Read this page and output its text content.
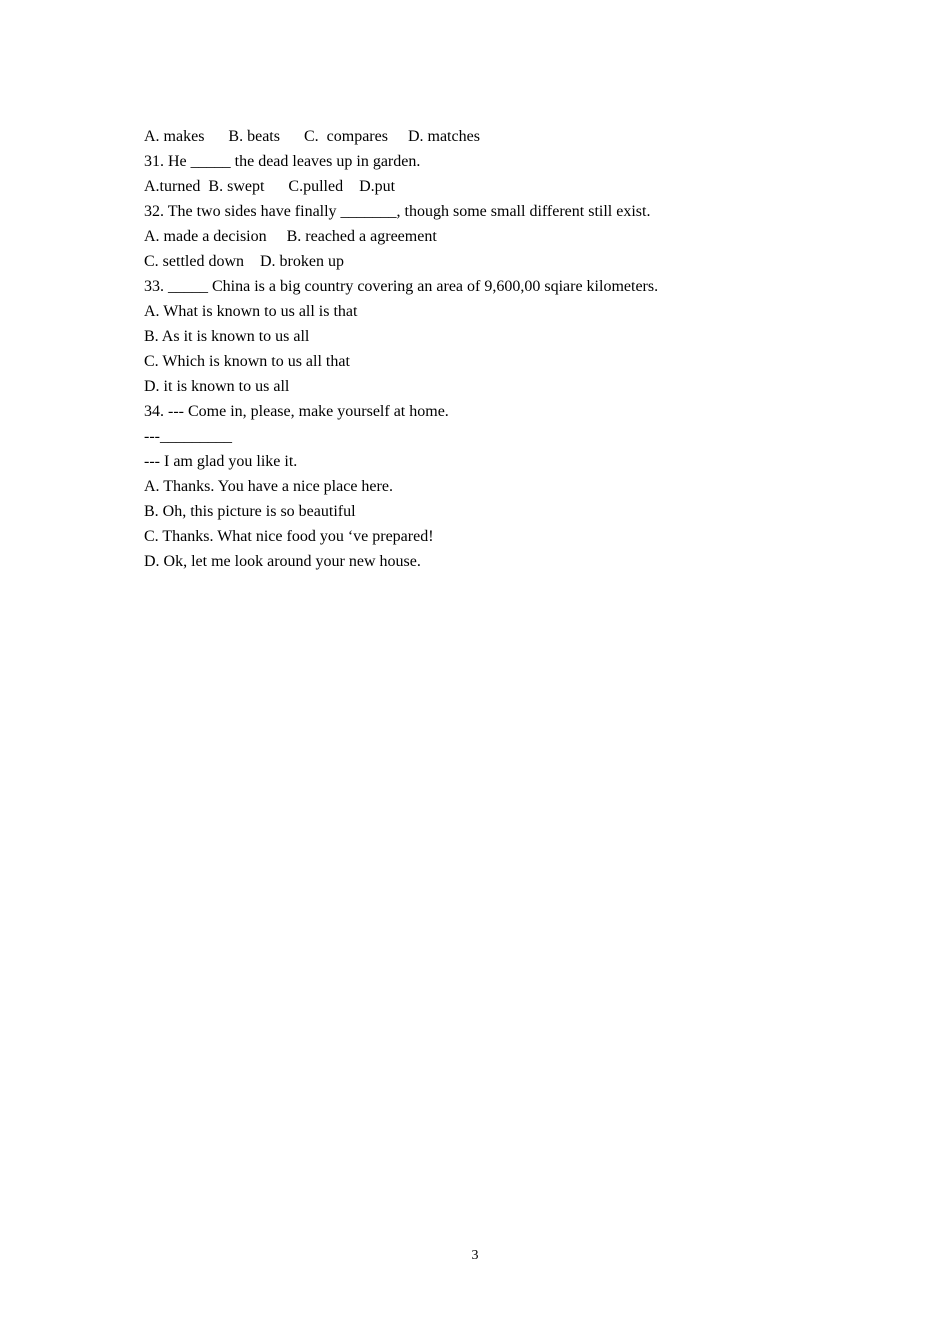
A. makes      B. beats      C.  compares     D. matches
31. He _____ the dead leaves up in garden.
A.turned  B. swept      C.pulled    D.put
32. The two sides have finally _______, though some small different still exist.
A. made a decision     B. reached a agreement
C. settled down    D. broken up
33. _____ China is a big country covering an area of 9,600,00 sqiare kilometers.
A. What is known to us all is that
B. As it is known to us all
C. Which is known to us all that
D. it is known to us all
34. --- Come in, please, make yourself at home.
---_________
--- I am glad you like it.
A. Thanks. You have a nice place here.
B. Oh, this picture is so beautiful
C. Thanks. What nice food you ‘ve prepared!
D. Ok, let me look around your new house.
3
